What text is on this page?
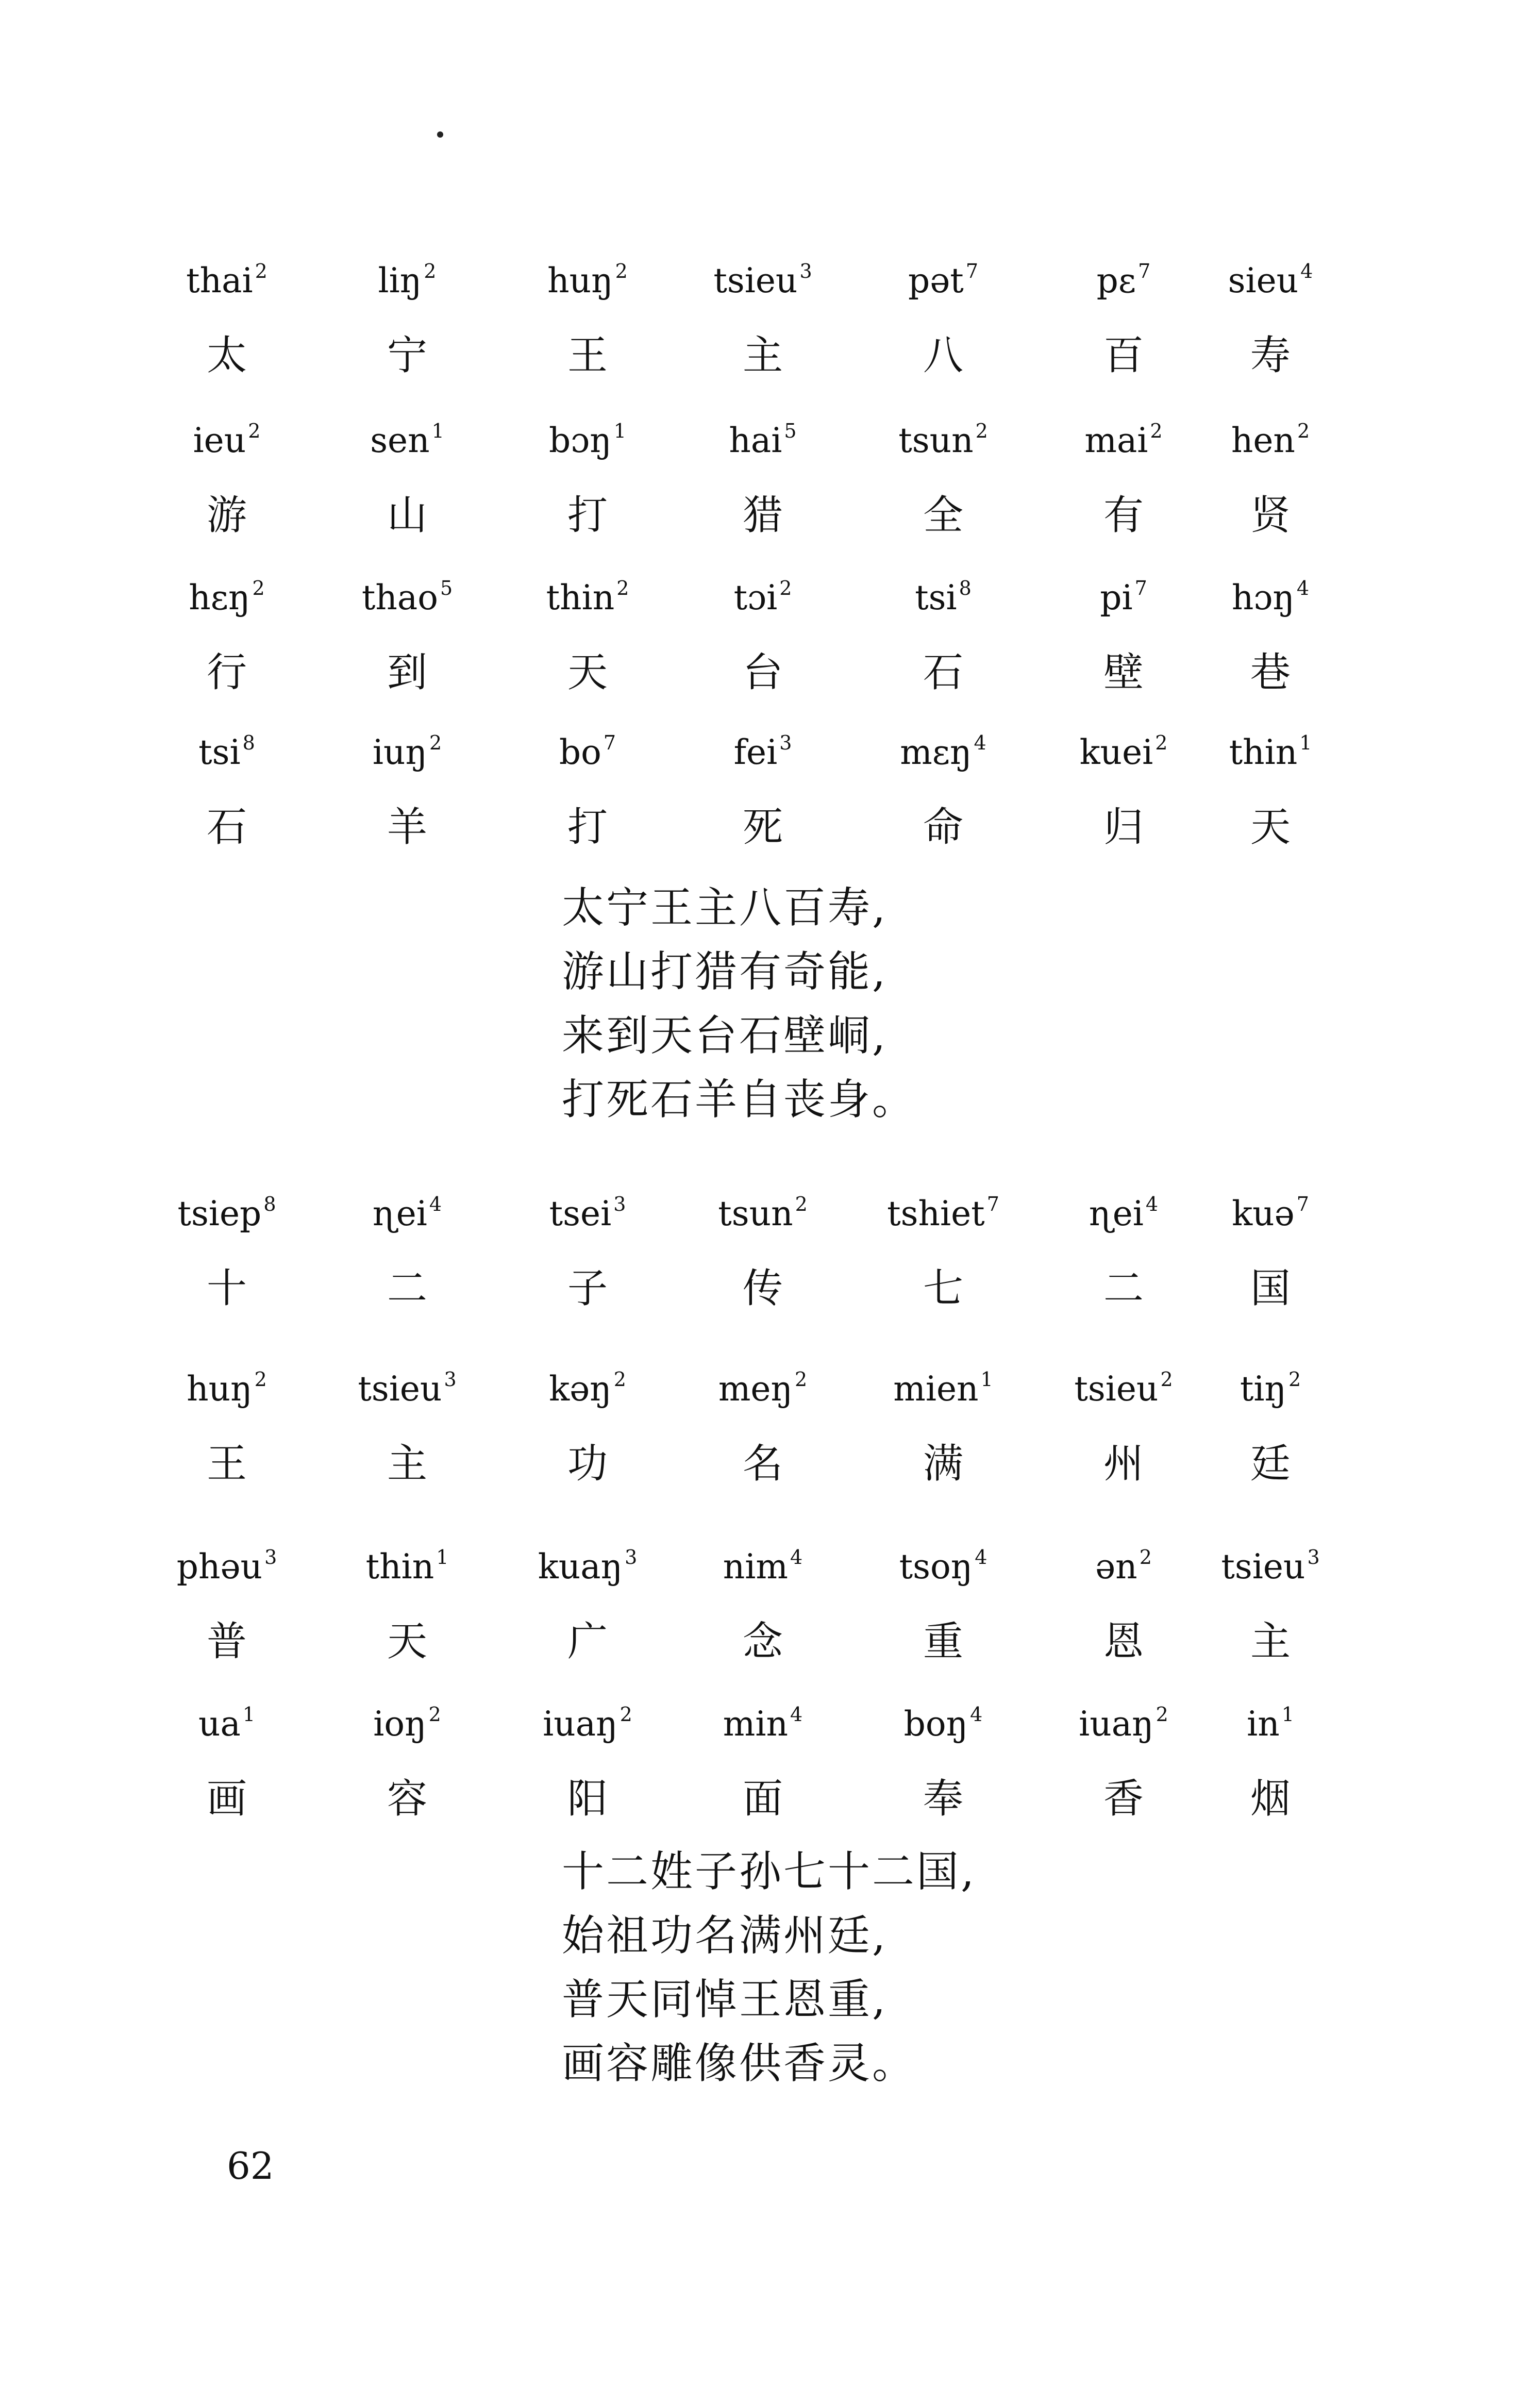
thai $^2$
太
liŋ $^2$
宁
huŋ $^2$
王
tsieu $^3$
主
pət $^7$
八
pɛ $^7$
百
sieu $^4$
寿
ieu $^2$
游
sen $^1$
山
bɔŋ $^1$
打
hai $^5$
猎
tsun $^2$
全
mai $^2$
有
hen $^2$
贤
hɛŋ $^2$
行
thao $^5$
到
thin $^2$
天
tɔi $^2$
台
tsi $^8$
石
pi $^7$
壁
hɔŋ $^4$
巷
tsi $^8$
石
iuŋ $^2$
羊
bo $^7$
打
fei $^3$
死
mɛŋ $^4$
命
kuei $^2$
归
thin $^1$
天
太宁王主八百寿,
游山打猎有奇能,
来到天台石壁峒,
打死石羊自丧身。
tsiep $^8$
十
ɳei $^4$
二
tsei $^3$
子
tsun $^2$
传
tshiet $^7$
七
ɳei $^4$
二
kuə $^7$
国
huŋ $^2$
王
tsieu $^3$
主
kəŋ $^2$
功
meŋ $^2$
名
mien $^1$
满
tsieu $^2$
州
tiŋ $^2$
廷
phəu $^3$
普
thin $^1$
天
kuaŋ $^3$
广
nim $^4$
念
tsoŋ $^4$
重
ən $^2$
恩
tsieu $^3$
主
ua $^1$
画
ioŋ $^2$
容
iuaŋ $^2$
阳
min $^4$
面
boŋ $^4$
奉
iuaŋ $^2$
香
in $^1$
烟
十二姓子孙七十二国,
始祖功名满州廷,
普天同悼王恩重,
画容雕像供香灵。
62
